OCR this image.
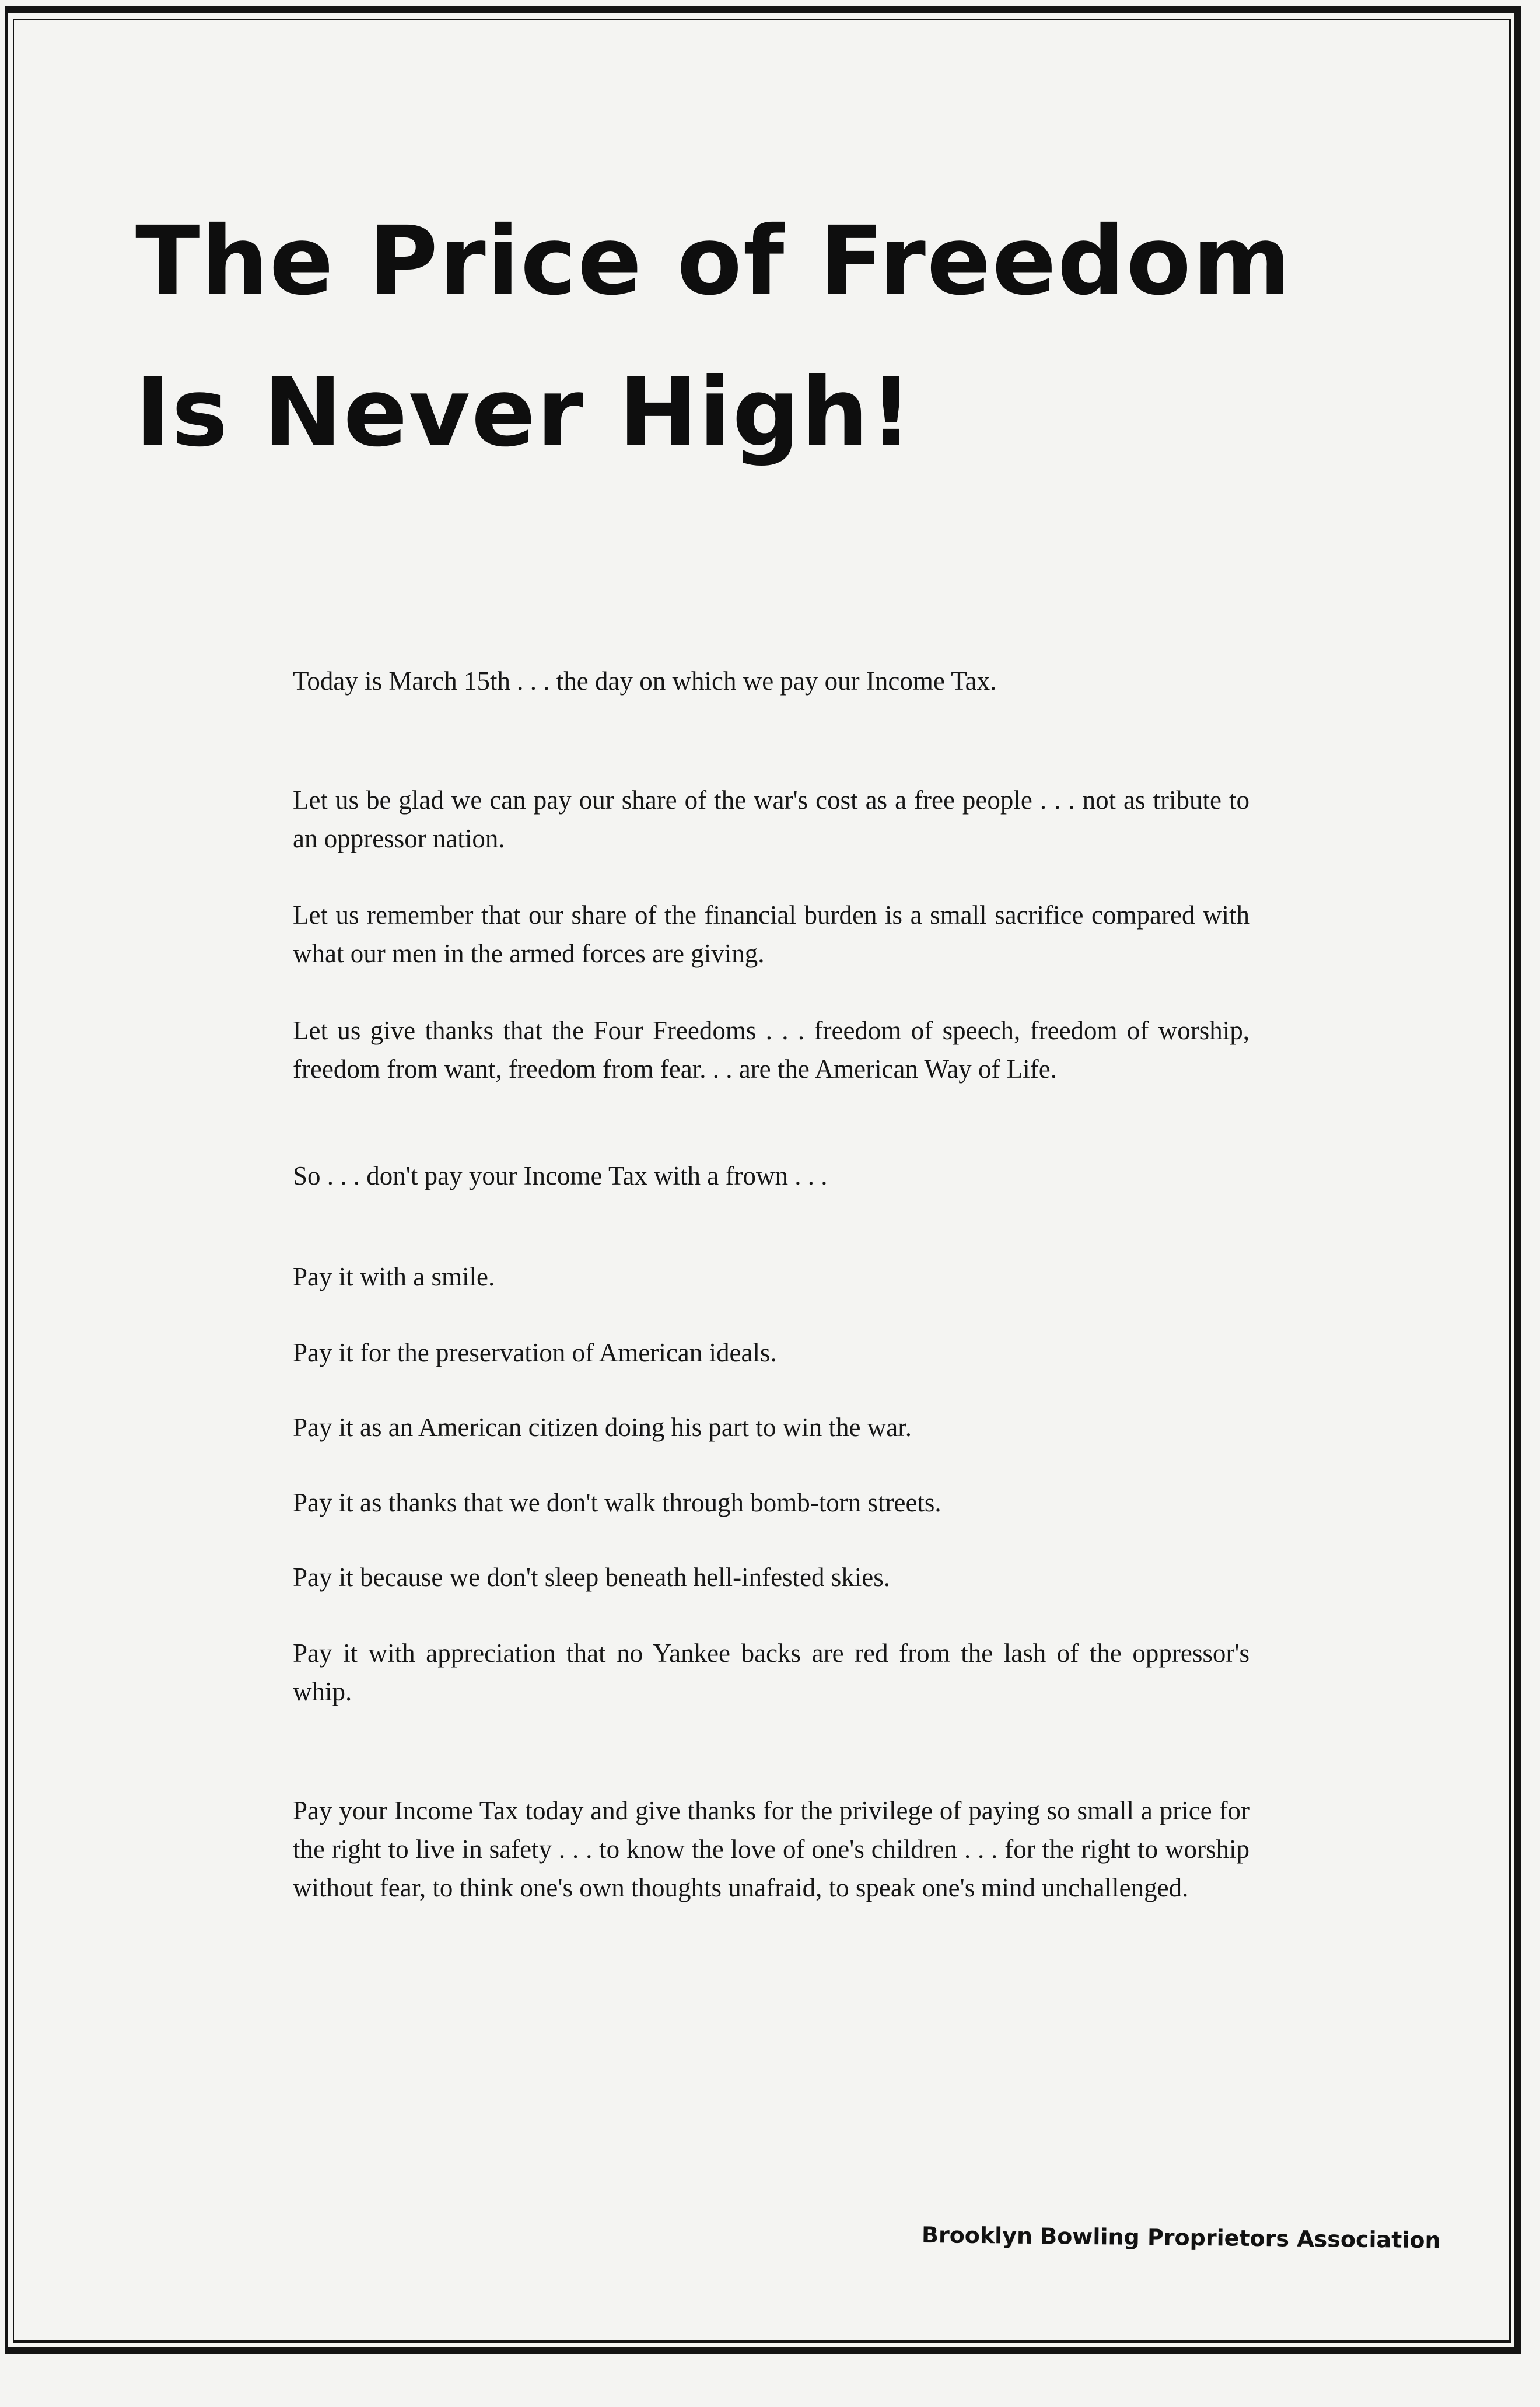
The Price of Freedom
Is Never High!

Today is March 15th . . . the day on which we pay our Income Tax.

Let us be glad we can pay our share of the war's cost as a free people . . . not as tribute to an oppressor nation.

Let us remember that our share of the financial burden is a small sacrifice compared with what our men in the armed forces are giving.

Let us give thanks that the Four Freedoms . . . freedom of speech, freedom of worship, freedom from want, freedom from fear. . . are the American Way of Life.

So . . . don't pay your Income Tax with a frown . . .

Pay it with a smile.

Pay it for the preservation of American ideals.

Pay it as an American citizen doing his part to win the war.

Pay it as thanks that we don't walk through bomb-torn streets.

Pay it because we don't sleep beneath hell-infested skies.

Pay it with appreciation that no Yankee backs are red from the lash of the oppressor's whip.

Pay your Income Tax today and give thanks for the privilege of paying so small a price for the right to live in safety . . . to know the love of one's children . . . for the right to worship without fear, to think one's own thoughts unafraid, to speak one's mind unchallenged.

Brooklyn Bowling Proprietors Association
